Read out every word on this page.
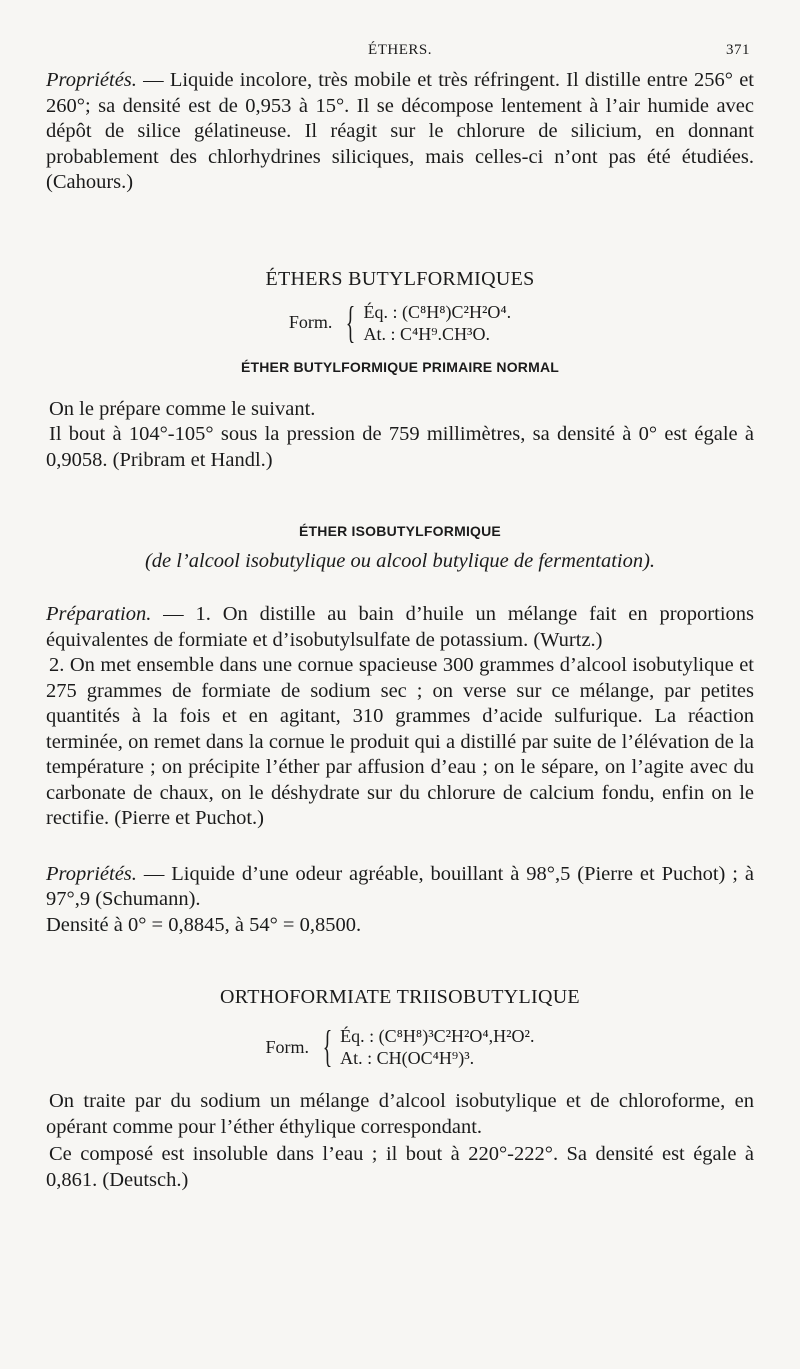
ÉTHERS.	371

Propriétés. — Liquide incolore, très mobile et très réfringent. Il distille entre 256° et 260°; sa densité est de 0,953 à 15°. Il se décompose lentement à l’air humide avec dépôt de silice gélatineuse. Il réagit sur le chlorure de silicium, en donnant probablement des chlorhydrines siliciques, mais celles-ci n’ont pas été étudiées. (Cahours.)

ÉTHERS BUTYLFORMIQUES
Form. { Éq. : (C⁸H⁸)C²H²O⁴.
At. : C⁴H⁹.CH³O.
ÉTHER BUTYLFORMIQUE PRIMAIRE NORMAL

On le prépare comme le suivant.

Il bout à 104°-105° sous la pression de 759 millimètres, sa densité à 0° est égale à 0,9058. (Pribram et Handl.)

ÉTHER ISOBUTYLFORMIQUE
(de l’alcool isobutylique ou alcool butylique de fermentation).

Préparation. — 1. On distille au bain d’huile un mélange fait en proportions équivalentes de formiate et d’isobutylsulfate de potassium. (Wurtz.)

2. On met ensemble dans une cornue spacieuse 300 grammes d’alcool isobutylique et 275 grammes de formiate de sodium sec ; on verse sur ce mélange, par petites quantités à la fois et en agitant, 310 grammes d’acide sulfurique. La réaction terminée, on remet dans la cornue le produit qui a distillé par suite de l’élévation de la température ; on précipite l’éther par affusion d’eau ; on le sépare, on l’agite avec du carbonate de chaux, on le déshydrate sur du chlorure de calcium fondu, enfin on le rectifie. (Pierre et Puchot.)

Propriétés. — Liquide d’une odeur agréable, bouillant à 98°,5 (Pierre et Puchot) ; à 97°,9 (Schumann).

Densité à 0° = 0,8845, à 54° = 0,8500.

ORTHOFORMIATE TRIISOBUTYLIQUE
Form. { Éq. : (C⁸H⁸)³C²H²O⁴,H²O².
At. : CH(OC⁴H⁹)³.

On traite par du sodium un mélange d’alcool isobutylique et de chloroforme, en opérant comme pour l’éther éthylique correspondant.

Ce composé est insoluble dans l’eau ; il bout à 220°-222°. Sa densité est égale à 0,861. (Deutsch.)
